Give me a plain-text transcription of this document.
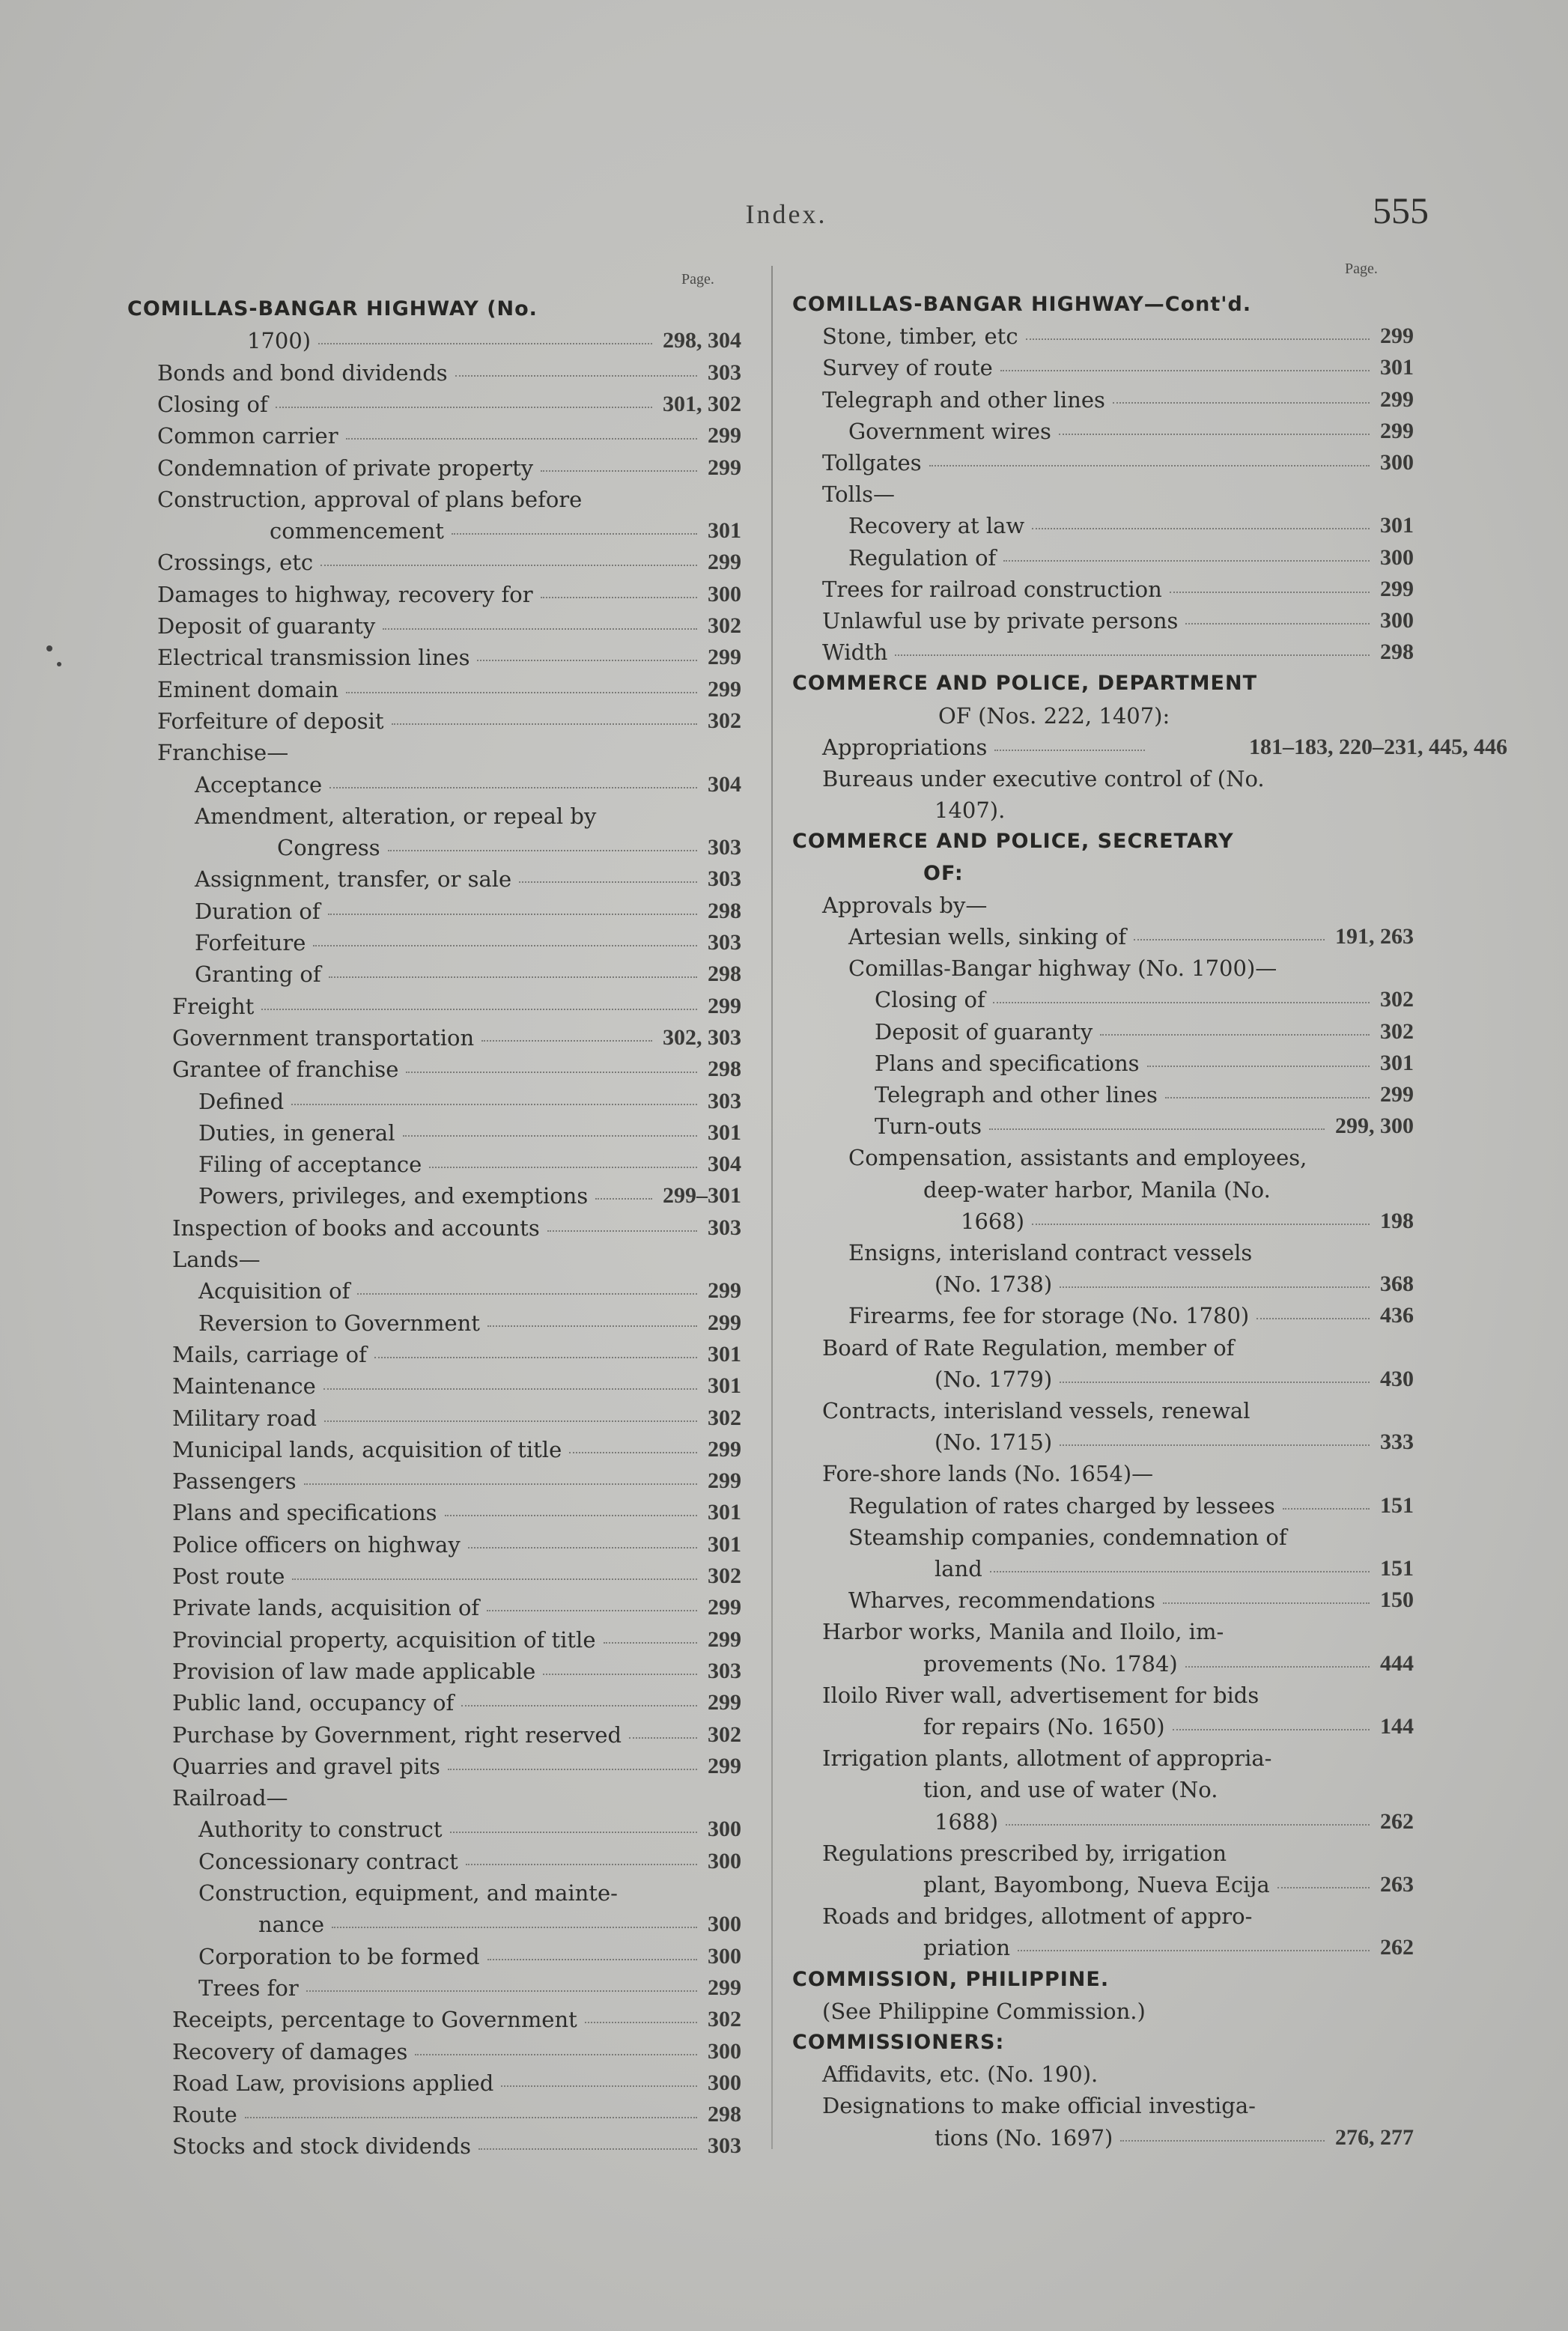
Index.	555
Page.
COMILLAS-BANGAR HIGHWAY (No.
1700)	298, 304
Bonds and bond dividends	303
Closing of	301, 302
Common carrier	299
Condemnation of private property	299
Construction, approval of plans before
commencement	301
Crossings, etc	299
Damages to highway, recovery for	300
Deposit of guaranty	302
Electrical transmission lines	299
Eminent domain	299
Forfeiture of deposit	302
Franchise—
Acceptance	304
Amendment, alteration, or repeal by
Congress	303
Assignment, transfer, or sale	303
Duration of	298
Forfeiture	303
Granting of	298
Freight	299
Government transportation	302, 303
Grantee of franchise	298
Defined	303
Duties, in general	301
Filing of acceptance	304
Powers, privileges, and exemptions	299–301
Inspection of books and accounts	303
Lands—
Acquisition of	299
Reversion to Government	299
Mails, carriage of	301
Maintenance	301
Military road	302
Municipal lands, acquisition of title	299
Passengers	299
Plans and specifications	301
Police officers on highway	301
Post route	302
Private lands, acquisition of	299
Provincial property, acquisition of title	299
Provision of law made applicable	303
Public land, occupancy of	299
Purchase by Government, right reserved	302
Quarries and gravel pits	299
Railroad—
Authority to construct	300
Concessionary contract	300
Construction, equipment, and mainte-
nance	300
Corporation to be formed	300
Trees for	299
Receipts, percentage to Government	302
Recovery of damages	300
Road Law, provisions applied	300
Route	298
Stocks and stock dividends	303
Page.
COMILLAS-BANGAR HIGHWAY—Cont'd.
Stone, timber, etc	299
Survey of route	301
Telegraph and other lines	299
Government wires	299
Tollgates	300
Tolls—
Recovery at law	301
Regulation of	300
Trees for railroad construction	299
Unlawful use by private persons	300
Width	298
COMMERCE AND POLICE, DEPARTMENT
OF (Nos. 222, 1407):
Appropriations	181–183, 220–231, 445, 446
Bureaus under executive control of (No.
1407).
COMMERCE AND POLICE, SECRETARY
OF:
Approvals by—
Artesian wells, sinking of	191, 263
Comillas-Bangar highway (No. 1700)—
Closing of	302
Deposit of guaranty	302
Plans and specifications	301
Telegraph and other lines	299
Turn-outs	299, 300
Compensation, assistants and employees,
deep-water harbor, Manila (No.
1668)	198
Ensigns, interisland contract vessels
(No. 1738)	368
Firearms, fee for storage (No. 1780)	436
Board of Rate Regulation, member of
(No. 1779)	430
Contracts, interisland vessels, renewal
(No. 1715)	333
Fore-shore lands (No. 1654)—
Regulation of rates charged by lessees	151
Steamship companies, condemnation of
land	151
Wharves, recommendations	150
Harbor works, Manila and Iloilo, im-
provements (No. 1784)	444
Iloilo River wall, advertisement for bids
for repairs (No. 1650)	144
Irrigation plants, allotment of appropria-
tion, and use of water (No.
1688)	262
Regulations prescribed by, irrigation
plant, Bayombong, Nueva Ecija	263
Roads and bridges, allotment of appro-
priation	262
COMMISSION, PHILIPPINE.
(See Philippine Commission.)
COMMISSIONERS:
Affidavits, etc. (No. 190).
Designations to make official investiga-
tions (No. 1697)	276, 277
